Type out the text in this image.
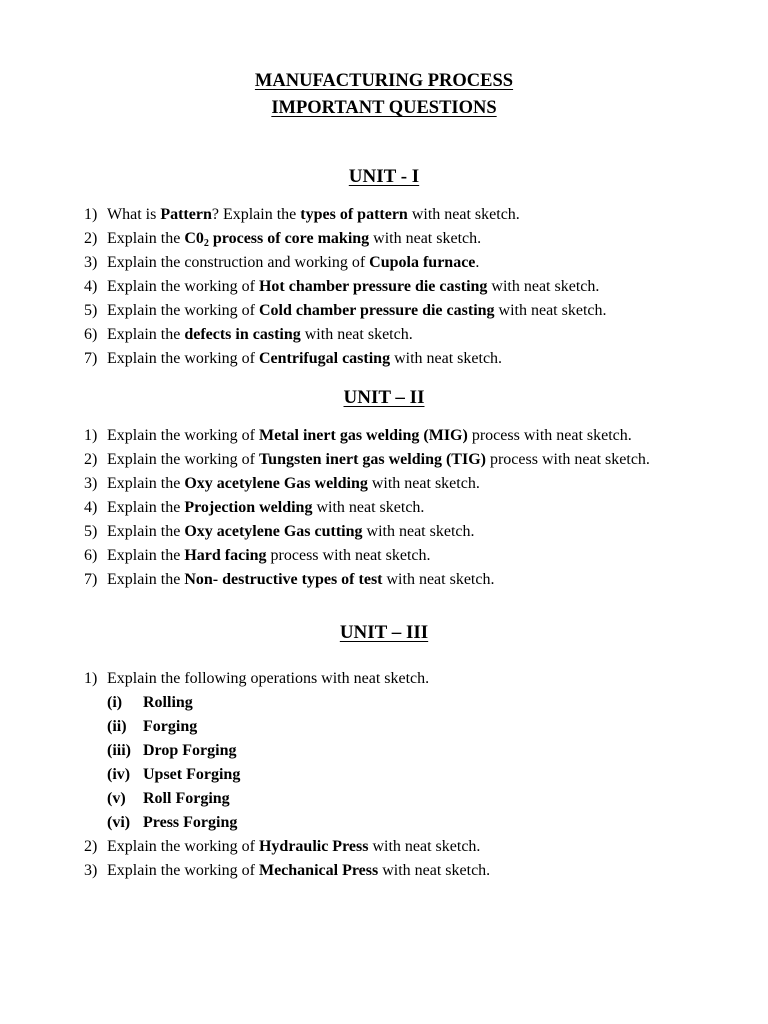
MANUFACTURING PROCESS
IMPORTANT QUESTIONS
UNIT - I
1) What is Pattern? Explain the types of pattern with neat sketch.
2) Explain the $C0_2$ process of core making with neat sketch.
3) Explain the construction and working of Cupola furnace.
4) Explain the working of Hot chamber pressure die casting with neat sketch.
5) Explain the working of Cold chamber pressure die casting with neat sketch.
6) Explain the defects in casting with neat sketch.
7) Explain the working of Centrifugal casting with neat sketch.
UNIT – II
1) Explain the working of Metal inert gas welding (MIG) process with neat sketch.
2) Explain the working of Tungsten inert gas welding (TIG) process with neat sketch.
3) Explain the Oxy acetylene Gas welding with neat sketch.
4) Explain the Projection welding with neat sketch.
5) Explain the Oxy acetylene Gas cutting with neat sketch.
6) Explain the Hard facing process with neat sketch.
7) Explain the Non- destructive types of test with neat sketch.
UNIT – III
1) Explain the following operations with neat sketch.
(i) Rolling
(ii) Forging
(iii) Drop Forging
(iv) Upset Forging
(v) Roll Forging
(vi) Press Forging
2) Explain the working of Hydraulic Press with neat sketch.
3) Explain the working of Mechanical Press with neat sketch.
